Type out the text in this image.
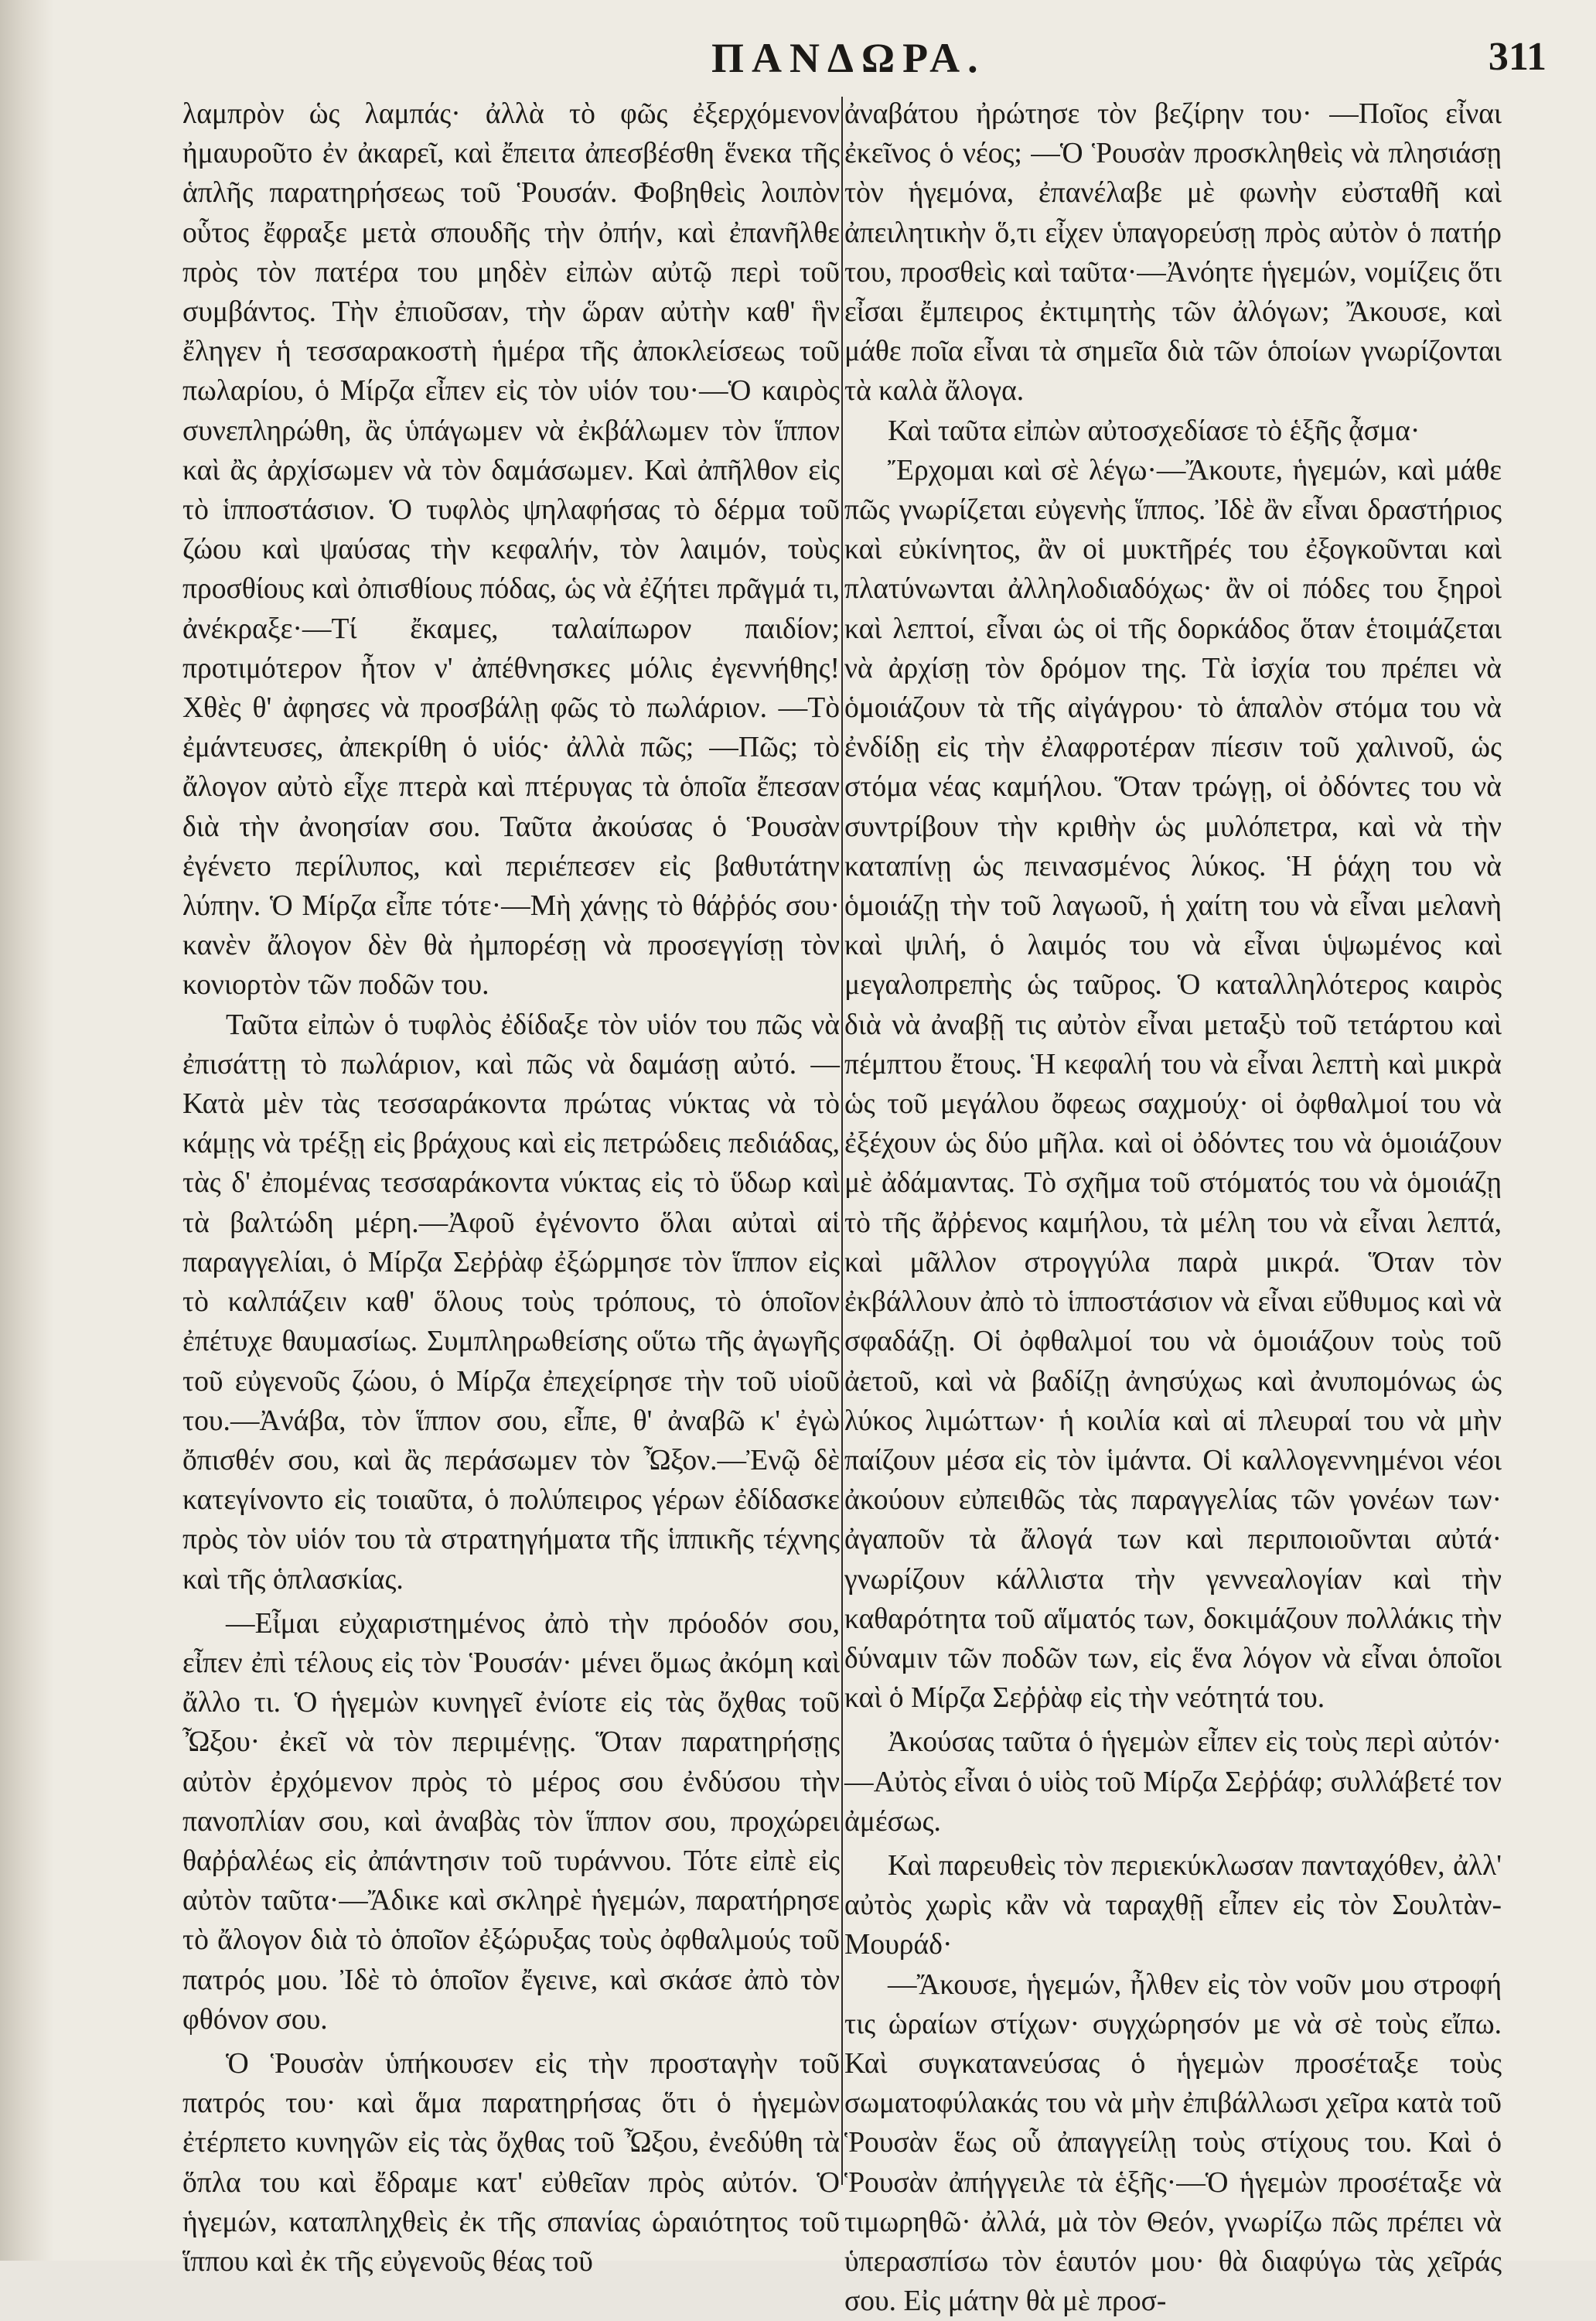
ΠΑΝΔΩΡΑ.	311

λαμπρὸν ὡς λαμπάς· ἀλλὰ τὸ φῶς ἐξερχόμενον ἠμαυροῦτο ἐν ἀκαρεῖ, καὶ ἔπειτα ἀπεσβέσθη ἕνεκα τῆς ἁπλῆς παρατηρήσεως τοῦ Ῥουσάν. Φοβηθεὶς λοιπὸν οὗτος ἔφραξε μετὰ σπουδῆς τὴν ὀπήν, καὶ ἐπανῆλθε πρὸς τὸν πατέρα του μηδὲν εἰπὼν αὐτῷ περὶ τοῦ συμβάντος. Τὴν ἐπιοῦσαν, τὴν ὥραν αὐτὴν καθ' ἣν ἔληγεν ἡ τεσσαρακοστὴ ἡμέρα τῆς ἀποκλείσεως τοῦ πωλαρίου, ὁ Μίρζα εἶπεν εἰς τὸν υἱόν του·—Ὁ καιρὸς συνεπληρώθη, ἂς ὑπάγωμεν νὰ ἐκβάλωμεν τὸν ἵππον καὶ ἂς ἀρχίσωμεν νὰ τὸν δαμάσωμεν. Καὶ ἀπῆλθον εἰς τὸ ἱπποστάσιον. Ὁ τυφλὸς ψηλαφήσας τὸ δέρμα τοῦ ζώου καὶ ψαύσας τὴν κεφαλήν, τὸν λαιμόν, τοὺς προσθίους καὶ ὀπισθίους πόδας, ὡς νὰ ἐζήτει πρᾶγμά τι, ἀνέκραξε·—Τί ἔκαμες, ταλαίπωρον παιδίον; προτιμότερον ἦτον ν' ἀπέθνησκες μόλις ἐγεννήθης! Χθὲς θ' ἀφησες νὰ προσβάλῃ φῶς τὸ πωλάριον. —Τὸ ἐμάντευσες, ἀπεκρίθη ὁ υἱός· ἀλλὰ πῶς; —Πῶς; τὸ ἄλογον αὐτὸ εἶχε πτερὰ καὶ πτέρυγας τὰ ὁποῖα ἔπεσαν διὰ τὴν ἀνοησίαν σου. Ταῦτα ἀκούσας ὁ Ῥουσὰν ἐγένετο περίλυπος, καὶ περιέπεσεν εἰς βαθυτάτην λύπην. Ὁ Μίρζα εἶπε τότε·—Μὴ χάνῃς τὸ θάῤῥός σου· κανὲν ἄλογον δὲν θὰ ἠμπορέσῃ νὰ προσεγγίσῃ τὸν κονιορτὸν τῶν ποδῶν του.

Ταῦτα εἰπὼν ὁ τυφλὸς ἐδίδαξε τὸν υἱόν του πῶς νὰ ἐπισάττῃ τὸ πωλάριον, καὶ πῶς νὰ δαμάσῃ αὐτό. —Κατὰ μὲν τὰς τεσσαράκοντα πρώτας νύκτας νὰ τὸ κάμῃς νὰ τρέξῃ εἰς βράχους καὶ εἰς πετρώδεις πεδιάδας, τὰς δ' ἐπομένας τεσσαράκοντα νύκτας εἰς τὸ ὕδωρ καὶ τὰ βαλτώδη μέρη.—Ἀφοῦ ἐγένοντο ὅλαι αὐταὶ αἱ παραγγελίαι, ὁ Μίρζα Σεῤῥὰφ ἐξώρμησε τὸν ἵππον εἰς τὸ καλπάζειν καθ' ὅλους τοὺς τρόπους, τὸ ὁποῖον ἐπέτυχε θαυμασίως. Συμπληρωθείσης οὕτω τῆς ἀγωγῆς τοῦ εὐγενοῦς ζώου, ὁ Μίρζα ἐπεχείρησε τὴν τοῦ υἱοῦ του.—Ἀνάβα, τὸν ἵππον σου, εἶπε, θ' ἀναβῶ κ' ἐγὼ ὄπισθέν σου, καὶ ἂς περάσωμεν τὸν Ὦξον.—Ἐνῷ δὲ κατεγίνοντο εἰς τοιαῦτα, ὁ πολύπειρος γέρων ἐδίδασκε πρὸς τὸν υἱόν του τὰ στρατηγήματα τῆς ἱππικῆς τέχνης καὶ τῆς ὁπλασκίας.

—Εἶμαι εὐχαριστημένος ἀπὸ τὴν πρόοδόν σου, εἶπεν ἐπὶ τέλους εἰς τὸν Ῥουσάν· μένει ὅμως ἀκόμη καὶ ἄλλο τι. Ὁ ἡγεμὼν κυνηγεῖ ἐνίοτε εἰς τὰς ὄχθας τοῦ Ὦξου· ἐκεῖ νὰ τὸν περιμένῃς. Ὅταν παρατηρήσῃς αὐτὸν ἐρχόμενον πρὸς τὸ μέρος σου ἐνδύσου τὴν πανοπλίαν σου, καὶ ἀναβὰς τὸν ἵππον σου, προχώρει θαῤῥαλέως εἰς ἀπάντησιν τοῦ τυράννου. Τότε εἰπὲ εἰς αὐτὸν ταῦτα·—Ἄδικε καὶ σκληρὲ ἡγεμών, παρατήρησε τὸ ἄλογον διὰ τὸ ὁποῖον ἐξώρυξας τοὺς ὀφθαλμούς τοῦ πατρός μου. Ἰδὲ τὸ ὁποῖον ἔγεινε, καὶ σκάσε ἀπὸ τὸν φθόνον σου.

Ὁ Ῥουσὰν ὑπήκουσεν εἰς τὴν προσταγὴν τοῦ πατρός του· καὶ ἅμα παρατηρήσας ὅτι ὁ ἡγεμὼν ἐτέρπετο κυνηγῶν εἰς τὰς ὄχθας τοῦ Ὦξου, ἐνεδύθη τὰ ὅπλα του καὶ ἔδραμε κατ' εὐθεῖαν πρὸς αὐτόν. Ὁ ἡγεμών, καταπληχθεὶς ἐκ τῆς σπανίας ὡραιότητος τοῦ ἵππου καὶ ἐκ τῆς εὐγενοῦς θέας τοῦ

ἀναβάτου ἠρώτησε τὸν βεζίρην του· —Ποῖος εἶναι ἐκεῖνος ὁ νέος; —Ὁ Ῥουσὰν προσκληθεὶς νὰ πλησιάσῃ τὸν ἡγεμόνα, ἐπανέλαβε μὲ φωνὴν εὐσταθῆ καὶ ἀπειλητικὴν ὅ,τι εἶχεν ὑπαγορεύσῃ πρὸς αὐτὸν ὁ πατήρ του, προσθεὶς καὶ ταῦτα·—Ἀνόητε ἡγεμών, νομίζεις ὅτι εἶσαι ἔμπειρος ἐκτιμητὴς τῶν ἀλόγων; Ἄκουσε, καὶ μάθε ποῖα εἶναι τὰ σημεῖα διὰ τῶν ὁποίων γνωρίζονται τὰ καλὰ ἄλογα.

Καὶ ταῦτα εἰπὼν αὐτοσχεδίασε τὸ ἑξῆς ᾆσμα·

Ἔρχομαι καὶ σὲ λέγω·—Ἄκουτε, ἡγεμών, καὶ μάθε πῶς γνωρίζεται εὐγενὴς ἵππος. Ἰδὲ ἂν εἶναι δραστήριος καὶ εὐκίνητος, ἂν οἱ μυκτῆρές του ἐξογκοῦνται καὶ πλατύνωνται ἀλληλοδιαδόχως· ἂν οἱ πόδες του ξηροὶ καὶ λεπτοί, εἶναι ὡς οἱ τῆς δορκάδος ὅταν ἑτοιμάζεται νὰ ἀρχίσῃ τὸν δρόμον της. Τὰ ἰσχία του πρέπει νὰ ὁμοιάζουν τὰ τῆς αἰγάγρου· τὸ ἁπαλὸν στόμα του νὰ ἐνδίδῃ εἰς τὴν ἐλαφροτέραν πίεσιν τοῦ χαλινοῦ, ὡς στόμα νέας καμήλου. Ὅταν τρώγῃ, οἱ ὀδόντες του νὰ συντρίβουν τὴν κριθὴν ὡς μυλόπετρα, καὶ νὰ τὴν καταπίνῃ ὡς πεινασμένος λύκος. Ἡ ῥάχη του νὰ ὁμοιάζῃ τὴν τοῦ λαγωοῦ, ἡ χαίτη του νὰ εἶναι μελανὴ καὶ ψιλή, ὁ λαιμός του νὰ εἶναι ὑψωμένος καὶ μεγαλοπρεπὴς ὡς ταῦρος. Ὁ καταλληλότερος καιρὸς διὰ νὰ ἀναβῇ τις αὐτὸν εἶναι μεταξὺ τοῦ τετάρτου καὶ πέμπτου ἔτους. Ἡ κεφαλή του νὰ εἶναι λεπτὴ καὶ μικρὰ ὡς τοῦ μεγάλου ὄφεως σαχμούχ· οἱ ὀφθαλμοί του νὰ ἐξέχουν ὡς δύο μῆλα. καὶ οἱ ὀδόντες του νὰ ὁμοιάζουν μὲ ἀδάμαντας. Τὸ σχῆμα τοῦ στόματός του νὰ ὁμοιάζῃ τὸ τῆς ἄῤῥενος καμήλου, τὰ μέλη του νὰ εἶναι λεπτά, καὶ μᾶλλον στρογγύλα παρὰ μικρά. Ὅταν τὸν ἐκβάλλουν ἀπὸ τὸ ἱπποστάσιον νὰ εἶναι εὔθυμος καὶ νὰ σφαδάζῃ. Οἱ ὀφθαλμοί του νὰ ὁμοιάζουν τοὺς τοῦ ἀετοῦ, καὶ νὰ βαδίζῃ ἀνησύχως καὶ ἀνυπομόνως ὡς λύκος λιμώττων· ἡ κοιλία καὶ αἱ πλευραί του νὰ μὴν παίζουν μέσα εἰς τὸν ἱμάντα. Οἱ καλλογεννημένοι νέοι ἀκούουν εὐπειθῶς τὰς παραγγελίας τῶν γονέων των· ἀγαποῦν τὰ ἄλογά των καὶ περιποιοῦνται αὐτά· γνωρίζουν κάλλιστα τὴν γεννεαλογίαν καὶ τὴν καθαρότητα τοῦ αἵματός των, δοκιμάζουν πολλάκις τὴν δύναμιν τῶν ποδῶν των, εἰς ἕνα λόγον νὰ εἶναι ὁποῖοι καὶ ὁ Μίρζα Σεῤῥὰφ εἰς τὴν νεότητά του.

Ἀκούσας ταῦτα ὁ ἡγεμὼν εἶπεν εἰς τοὺς περὶ αὐτόν·—Αὐτὸς εἶναι ὁ υἱὸς τοῦ Μίρζα Σεῤῥάφ; συλλάβετέ τον ἀμέσως.

Καὶ παρευθεὶς τὸν περιεκύκλωσαν πανταχόθεν, ἀλλ' αὐτὸς χωρὶς κἂν νὰ ταραχθῇ εἶπεν εἰς τὸν Σουλτὰν-Μουράδ·

—Ἄκουσε, ἡγεμών, ἦλθεν εἰς τὸν νοῦν μου στροφή τις ὡραίων στίχων· συγχώρησόν με νὰ σὲ τοὺς εἴπω. Καὶ συγκατανεύσας ὁ ἡγεμὼν προσέταξε τοὺς σωματοφύλακάς του νὰ μὴν ἐπιβάλλωσι χεῖρα κατὰ τοῦ Ῥουσὰν ἕως οὗ ἀπαγγείλῃ τοὺς στίχους του. Καὶ ὁ Ῥουσὰν ἀπήγγειλε τὰ ἑξῆς·—Ὁ ἡγεμὼν προσέταξε νὰ τιμωρηθῶ· ἀλλά, μὰ τὸν Θεόν, γνωρίζω πῶς πρέπει νὰ ὑπερασπίσω τὸν ἑαυτόν μου· θὰ διαφύγω τὰς χεῖράς σου. Εἰς μάτην θὰ μὲ προσ-
